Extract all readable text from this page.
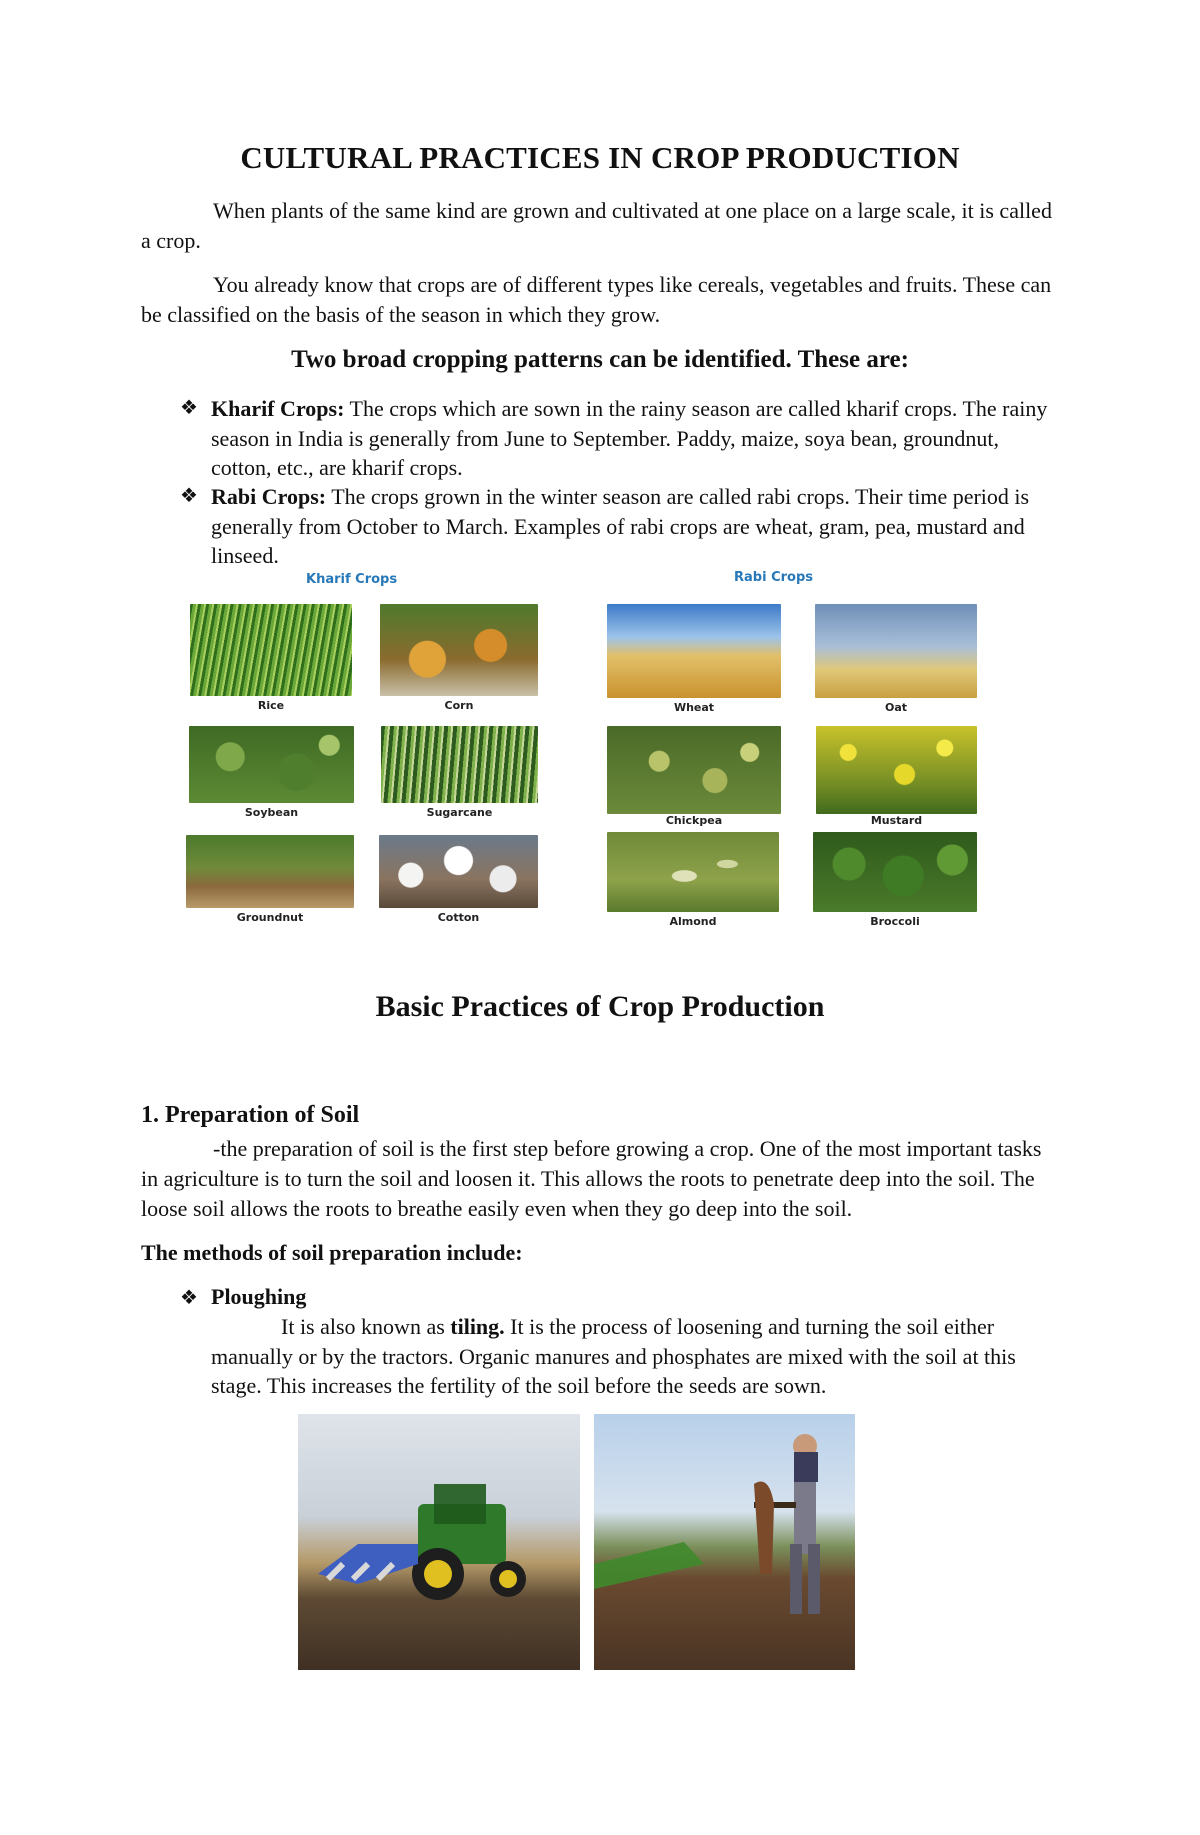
CULTURAL PRACTICES IN CROP PRODUCTION

When plants of the same kind are grown and cultivated at one place on a large scale, it is called a crop.

You already know that crops are of different types like cereals, vegetables and fruits. These can be classified on the basis of the season in which they grow.

Two broad cropping patterns can be identified. These are:
❖ Kharif Crops: The crops which are sown in the rainy season are called kharif crops. The rainy season in India is generally from June to September. Paddy, maize, soya bean, groundnut, cotton, etc., are kharif crops.
❖ Rabi Crops: The crops grown in the winter season are called rabi crops. Their time period is generally from October to March. Examples of rabi crops are wheat, gram, pea, mustard and linseed.

Kharif Crops	Rabi Crops

Rice	Corn

Soybean	Sugarcane

Groundnut	Cotton

Wheat	Oat

Chickpea	Mustard

Almond	Broccoli

Basic Practices of Crop Production
1. Preparation of Soil

-the preparation of soil is the first step before growing a crop. One of the most important tasks in agriculture is to turn the soil and loosen it. This allows the roots to penetrate deep into the soil. The loose soil allows the roots to breathe easily even when they go deep into the soil.

The methods of soil preparation include:

❖ Ploughing

It is also known as tiling. It is the process of loosening and turning the soil either manually or by the tractors. Organic manures and phosphates are mixed with the soil at this stage. This increases the fertility of the soil before the seeds are sown.
